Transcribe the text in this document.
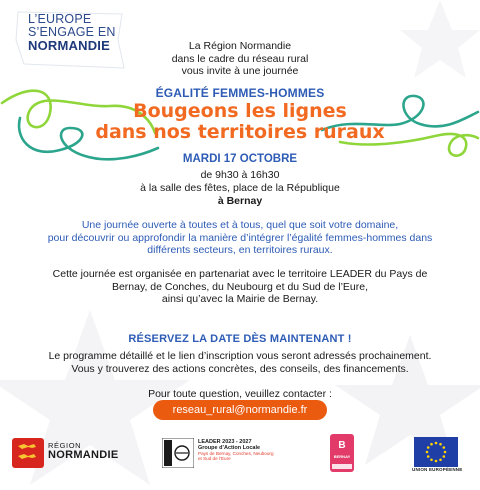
L’EUROPE
S’ENGAGE EN
NORMANDIE	La Région Normandie
dans le cadre du réseau rural
vous invite à une journée
ÉGALITÉ FEMMES-HOMMES
Bougeons les lignes
dans nos territoires ruraux
MARDI 17 OCTOBRE
de 9h30 à 16h30
à la salle des fêtes, place de la République
à Bernay
Une journée ouverte à toutes et à tous, quel que soit votre domaine,
pour découvrir ou approfondir la manière d’intégrer l’égalité femmes-hommes dans
différents secteurs, en territoires ruraux.
Cette journée est organisée en partenariat avec le territoire LEADER du Pays de
Bernay, de Conches, du Neubourg et du Sud de l’Eure,
ainsi qu’avec la Mairie de Bernay.
RÉSERVEZ LA DATE DÈS MAINTENANT !
Le programme détaillé et le lien d’inscription vous seront adressés prochainement.
Vous y trouverez des actions concrètes, des conseils, des financements.
Pour toute question, veuillez contacter :
reseau_rural@normandie.fr
RÉGION
NORMANDIE
LEADER 2023 - 2027
Groupe d’Action Locale
Pays de Bernay, Conches, Neubourg
et Sud de l’Eure
B
BERNAY
UNION EUROPÉENNE
